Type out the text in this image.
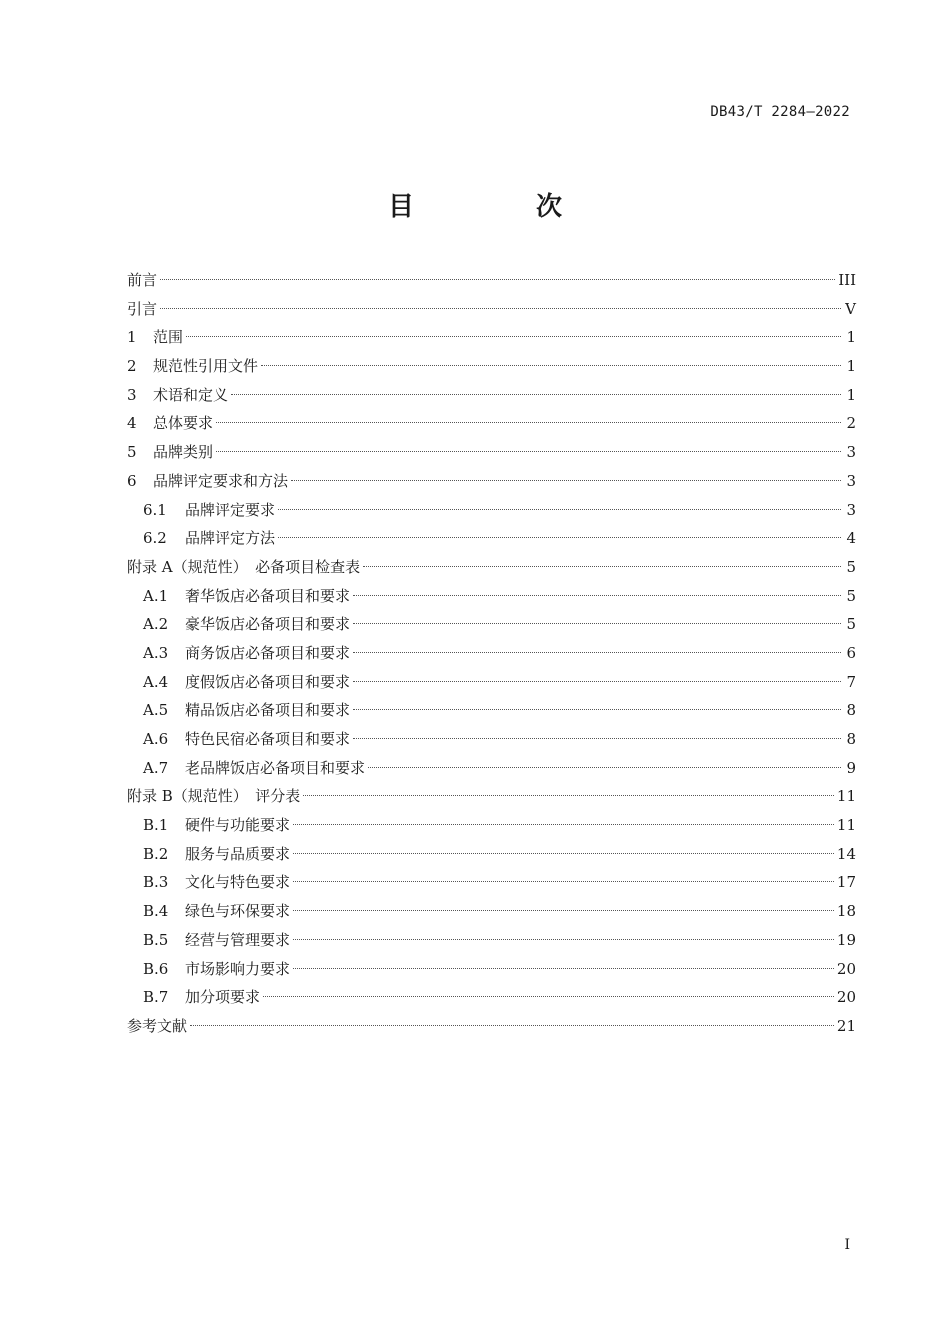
DB43/T 2284—2022
目　次
前言	III
引言	V
1 范围	1
2 规范性引用文件	1
3 术语和定义	1
4 总体要求	2
5 品牌类别	3
6 品牌评定要求和方法	3
6.1 品牌评定要求	3
6.2 品牌评定方法	4
附录 A（规范性）　必备项目检查表	5
A.1 奢华饭店必备项目和要求	5
A.2 豪华饭店必备项目和要求	5
A.3 商务饭店必备项目和要求	6
A.4 度假饭店必备项目和要求	7
A.5 精品饭店必备项目和要求	8
A.6 特色民宿必备项目和要求	8
A.7 老品牌饭店必备项目和要求	9
附录 B（规范性）　评分表	11
B.1 硬件与功能要求	11
B.2 服务与品质要求	14
B.3 文化与特色要求	17
B.4 绿色与环保要求	18
B.5 经营与管理要求	19
B.6 市场影响力要求	20
B.7 加分项要求	20
参考文献	21
I
